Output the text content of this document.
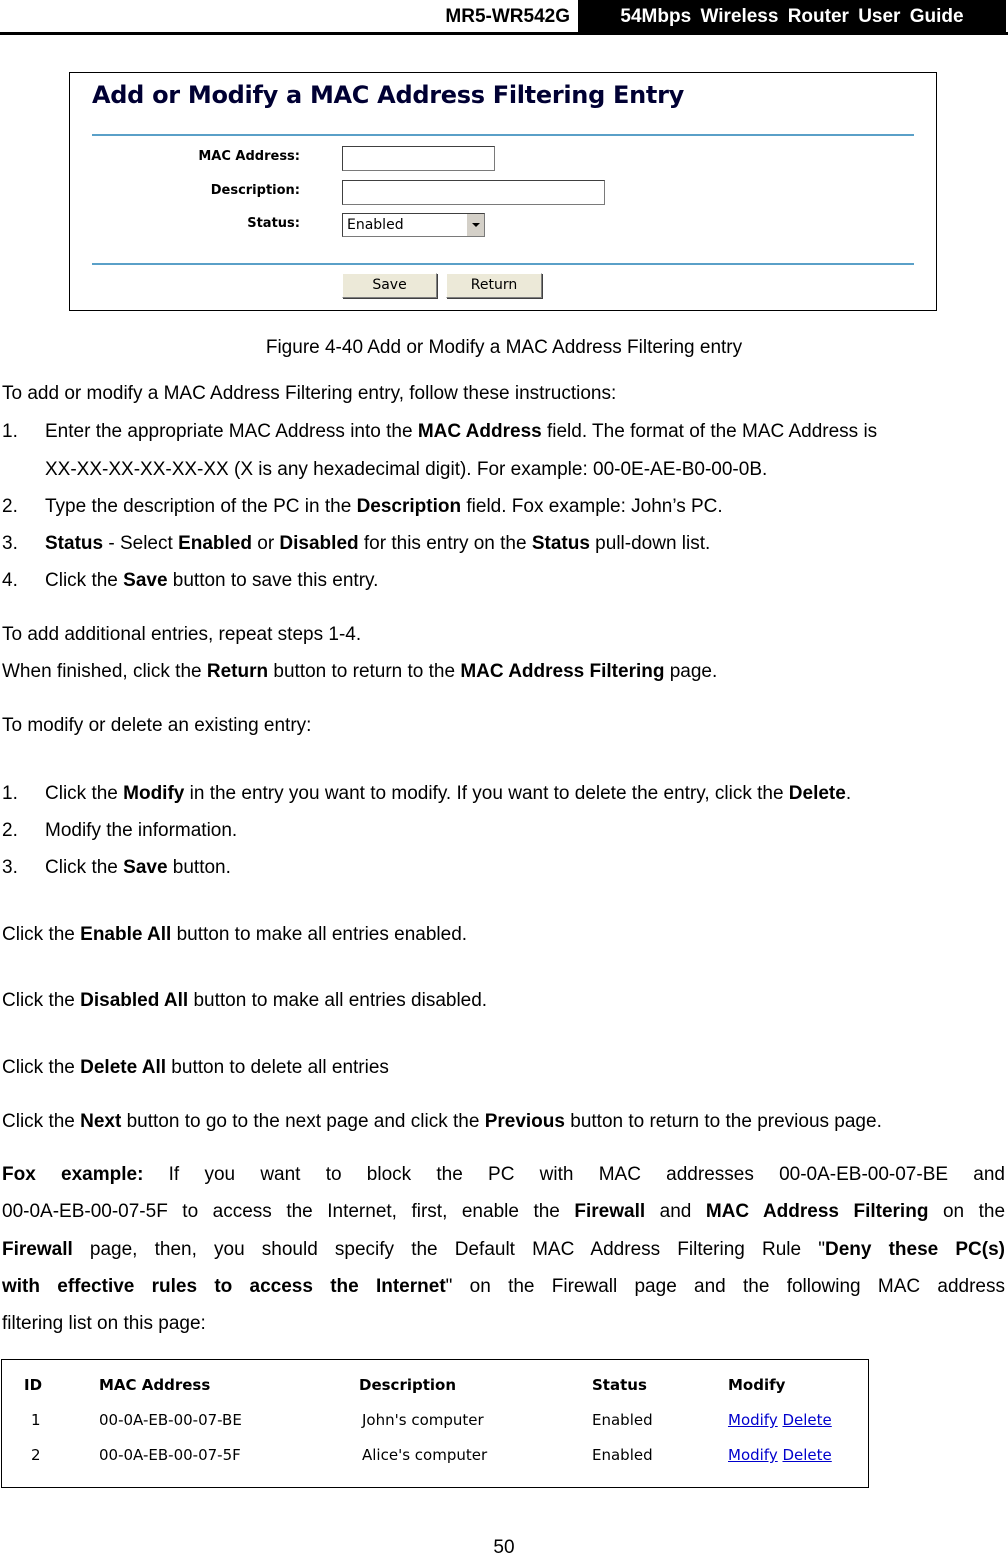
MR5-WR542G	54Mbps Wireless Router User Guide
Add or Modify a MAC Address Filtering Entry
MAC Address:
Description:
Status:	Enabled
Save	Return
Figure 4-40 Add or Modify a MAC Address Filtering entry
To add or modify a MAC Address Filtering entry, follow these instructions:
1.	Enter the appropriate MAC Address into the MAC Address field. The format of the MAC Address is
XX-XX-XX-XX-XX-XX (X is any hexadecimal digit). For example: 00-0E-AE-B0-00-0B.
2.	Type the description of the PC in the Description field. Fox example: John’s PC.
3.	Status - Select Enabled or Disabled for this entry on the Status pull-down list.
4.	Click the Save button to save this entry.
To add additional entries, repeat steps 1-4.
When finished, click the Return button to return to the MAC Address Filtering page.
To modify or delete an existing entry:
1.	Click the Modify in the entry you want to modify. If you want to delete the entry, click the Delete.
2.	Modify the information.
3.	Click the Save button.
Click the Enable All button to make all entries enabled.
Click the Disabled All button to make all entries disabled.
Click the Delete All button to delete all entries
Click the Next button to go to the next page and click the Previous button to return to the previous page.
Fox example: If you want to block the PC with MAC addresses 00-0A-EB-00-07-BE and
00-0A-EB-00-07-5F to access the Internet, first, enable the Firewall and MAC Address Filtering on the
Firewall page, then, you should specify the Default MAC Address Filtering Rule "Deny these PC(s)
with effective rules to access the Internet" on the Firewall page and the following MAC address
filtering list on this page:
ID	MAC Address	Description	Status	Modify
1	00-0A-EB-00-07-BE	John's computer	Enabled	Modify Delete
2	00-0A-EB-00-07-5F	Alice's computer	Enabled	Modify Delete
50
